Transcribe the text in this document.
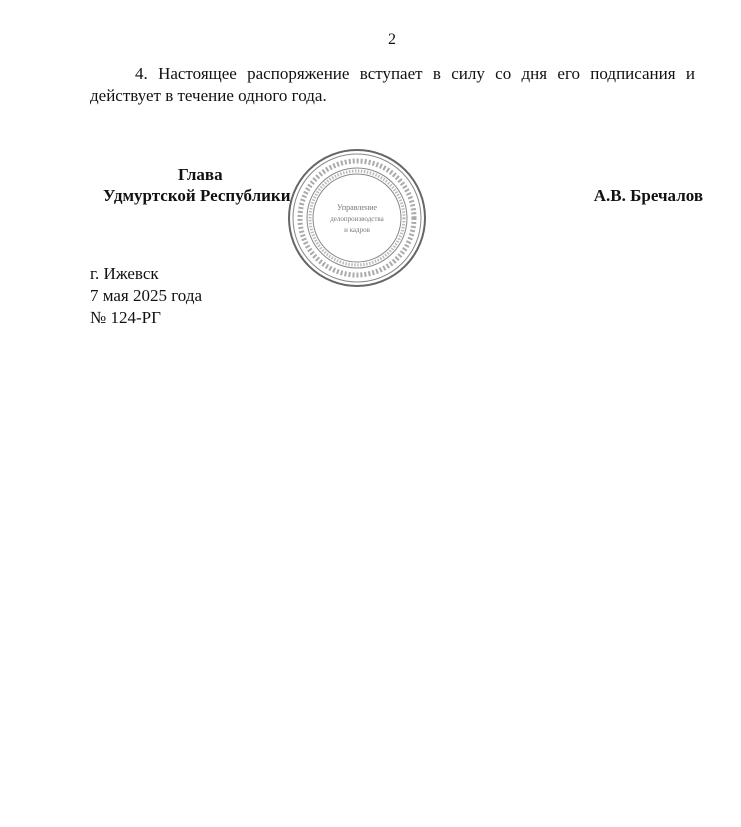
2
4. Настоящее распоряжение вступает в силу со дня его подписания и действует в течение одного года.
Управление
делопроизводства
и кадров
Глава
Удмуртской Республики	А.В. Бречалов
г. Ижевск
7 мая 2025 года
№ 124-РГ
